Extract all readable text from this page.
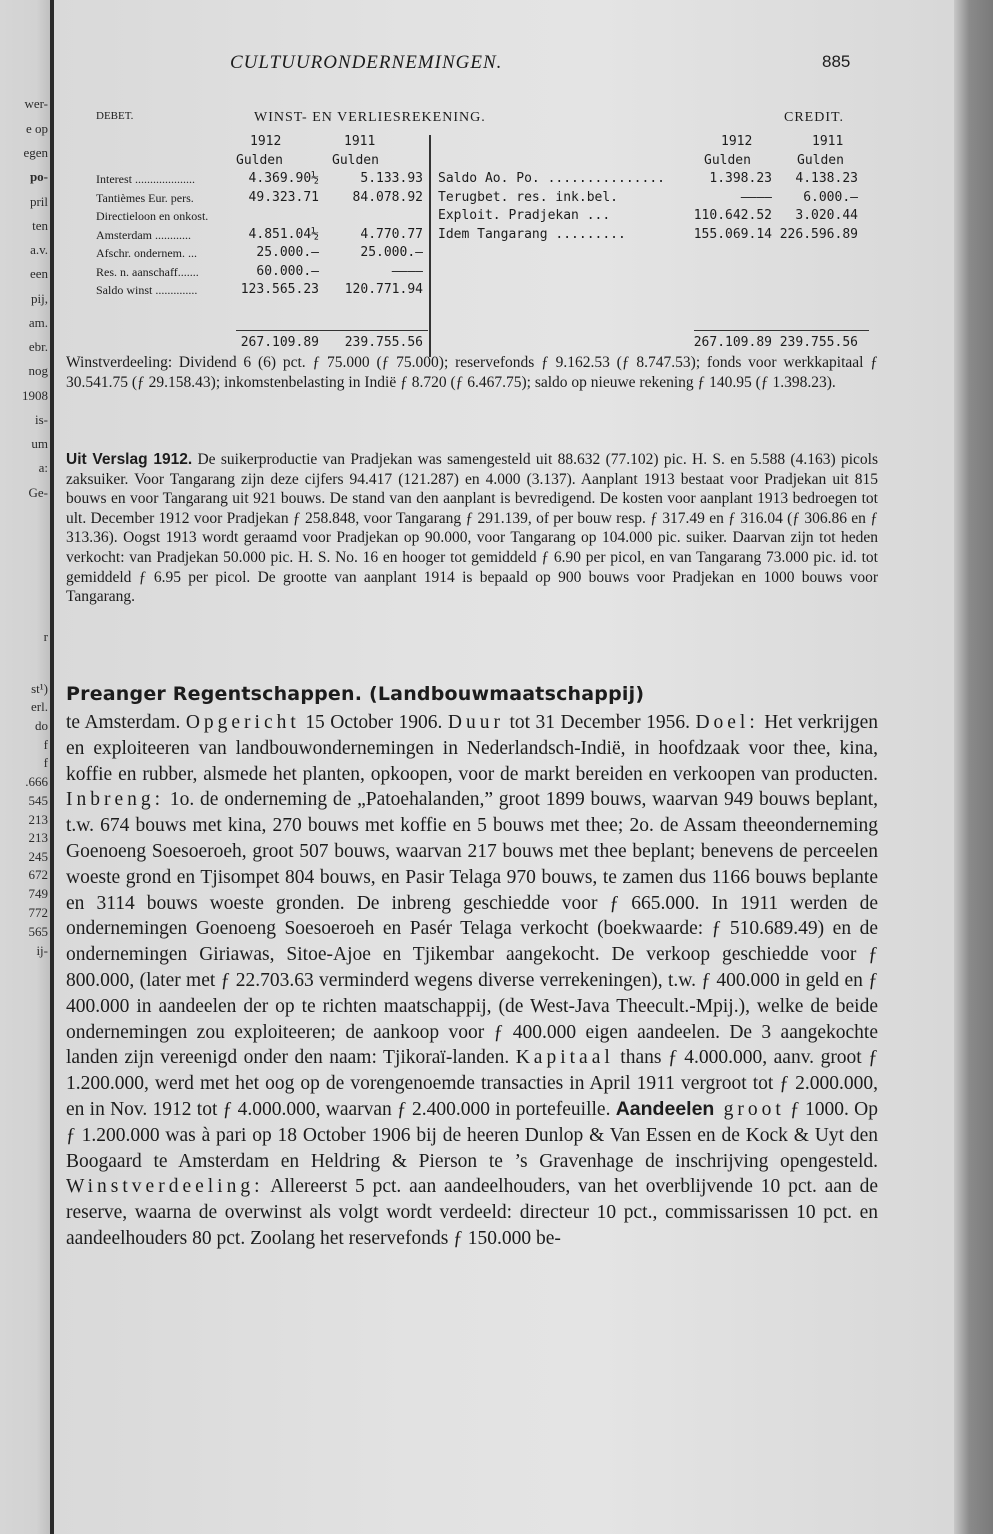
wer-
e op
egen
po-
pril
ten
a.v.
een
pij,
am.
ebr.
nog
1908
is-
um
a:
Ge-
r
st¹)
erl.
do
f
f
.666
545
213
213
245
672
749
772
565
ij-
CULTUURONDERNEMINGEN.	885
DEBET.	WINST- EN VERLIESREKENING.	CREDIT.
1912	1911
Gulden	Gulden
Interest ....................	4.369.90½	5.133.93
Tantièmes Eur. pers.	49.323.71	84.078.92
Directieloon en onkost.
Amsterdam ............	4.851.04½	4.770.77
Afschr. ondernem. ...	25.000.—	25.000.—
Res. n. aanschaff.......	60.000.—	————
Saldo winst ..............	123.565.23 120.771.94
267.109.89 239.755.56
1912	1911
Gulden	Gulden
Saldo Ao. Po. ...............	1.398.23 4.138.23
Terugbet. res. ink.bel.	———— 6.000.—
Exploit. Pradjekan ...	110.642.52 3.020.44
Idem Tangarang .........	155.069.14 226.596.89
267.109.89 239.755.56

Winstverdeeling: Dividend 6 (6) pct. ƒ 75.000 (ƒ 75.000); reservefonds ƒ 9.162.53 (ƒ 8.747.53); fonds voor werkkapitaal ƒ 30.541.75 (ƒ 29.158.43); inkomstenbelasting in Indië ƒ 8.720 (ƒ 6.467.75); saldo op nieuwe rekening ƒ 140.95 (ƒ 1.398.23).

Uit Verslag 1912. De suikerproductie van Pradjekan was samengesteld uit 88.632 (77.102) pic. H. S. en 5.588 (4.163) picols zaksuiker. Voor Tangarang zijn deze cijfers 94.417 (121.287) en 4.000 (3.137). Aanplant 1913 bestaat voor Pradjekan uit 815 bouws en voor Tangarang uit 921 bouws. De stand van den aanplant is bevredigend. De kosten voor aanplant 1913 bedroegen tot ult. December 1912 voor Pradjekan ƒ 258.848, voor Tangarang ƒ 291.139, of per bouw resp. ƒ 317.49 en ƒ 316.04 (ƒ 306.86 en ƒ 313.36). Oogst 1913 wordt geraamd voor Pradjekan op 90.000, voor Tangarang op 104.000 pic. suiker. Daarvan zijn tot heden verkocht: van Pradjekan 50.000 pic. H. S. No. 16 en hooger tot gemiddeld ƒ 6.90 per picol, en van Tangarang 73.000 pic. id. tot gemiddeld ƒ 6.95 per picol. De grootte van aanplant 1914 is bepaald op 900 bouws voor Pradjekan en 1000 bouws voor Tangarang.

Preanger Regentschappen. (Landbouwmaatschappij)

te Amsterdam. Opgericht 15 October 1906. Duur tot 31 December 1956. Doel: Het verkrijgen en exploiteeren van landbouwondernemingen in Nederlandsch-Indië, in hoofdzaak voor thee, kina, koffie en rubber, alsmede het planten, opkoopen, voor de markt bereiden en verkoopen van producten. Inbreng: 1o. de onderneming de „Patoehalanden,” groot 1899 bouws, waarvan 949 bouws beplant, t.w. 674 bouws met kina, 270 bouws met koffie en 5 bouws met thee; 2o. de Assam theeonderneming Goenoeng Soesoeroeh, groot 507 bouws, waarvan 217 bouws met thee beplant; benevens de perceelen woeste grond en Tjisompet 804 bouws, en Pasir Telaga 970 bouws, te zamen dus 1166 bouws beplante en 3114 bouws woeste gronden. De inbreng geschiedde voor ƒ 665.000. In 1911 werden de ondernemingen Goenoeng Soesoeroeh en Pasér Telaga verkocht (boekwaarde: ƒ 510.689.49) en de ondernemingen Giriawas, Sitoe-Ajoe en Tjikembar aangekocht. De verkoop geschiedde voor ƒ 800.000, (later met ƒ 22.703.63 verminderd wegens diverse verrekeningen), t.w. ƒ 400.000 in geld en ƒ 400.000 in aandeelen der op te richten maatschappij, (de West-Java Theecult.-Mpij.), welke de beide ondernemingen zou exploiteeren; de aankoop voor ƒ 400.000 eigen aandeelen. De 3 aangekochte landen zijn vereenigd onder den naam: Tjikoraï-landen. Kapitaal thans ƒ 4.000.000, aanv. groot ƒ 1.200.000, werd met het oog op de vorengenoemde transacties in April 1911 vergroot tot ƒ 2.000.000, en in Nov. 1912 tot ƒ 4.000.000, waarvan ƒ 2.400.000 in portefeuille. Aandeelen groot ƒ 1000. Op ƒ 1.200.000 was à pari op 18 October 1906 bij de heeren Dunlop & Van Essen en de Kock & Uyt den Boogaard te Amsterdam en Heldring & Pierson te ’s Gravenhage de inschrijving opengesteld. Winstverdeeling: Allereerst 5 pct. aan aandeelhouders, van het overblijvende 10 pct. aan de reserve, waarna de overwinst als volgt wordt verdeeld: directeur 10 pct., commissarissen 10 pct. en aandeelhouders 80 pct. Zoolang het reservefonds ƒ 150.000 be-
